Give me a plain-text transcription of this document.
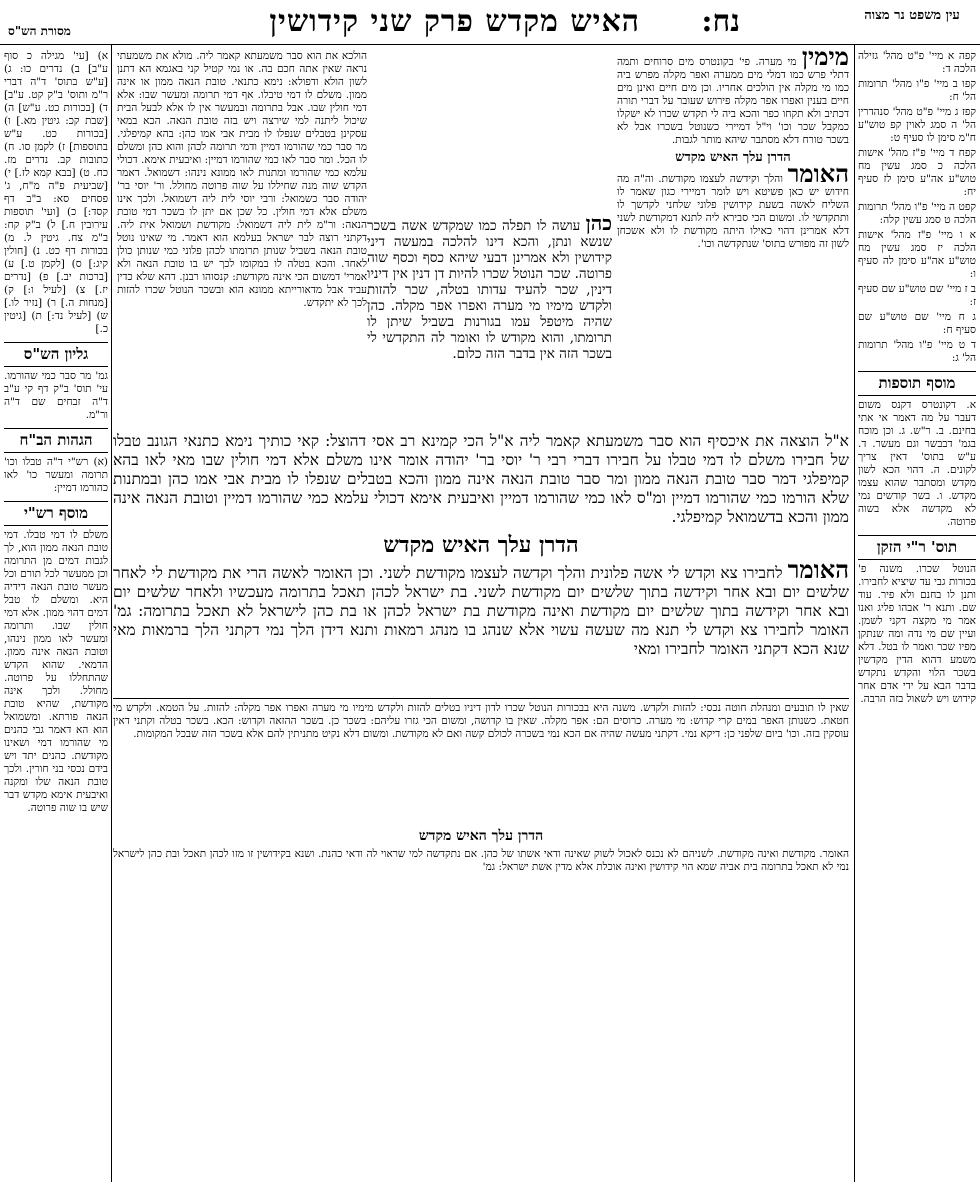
עין משפט נר מצוה
נח:
האיש מקדש פרק שני קידושין
מסורת הש"ס
קפה א מיי' פ"ט מהל' גזילה הלכה ד:
קפו ב מיי' פ"ו מהל' תרומות הל' ח:
קפז ג מיי' פ"ט מהל' סנהדרין הל' ה סמג לאוין קפ טוש"ע ח"מ סימן לו סעיף ט:
קפח ד מיי' פ"ז מהל' אישות הלכה כ סמג עשין מח טוש"ע אה"ע סימן לז סעיף יח:
קפט ה מיי' פ"ו מהל' תרומות הלכה ט סמג עשין קלה:
א ו מיי' פ"ז מהל' אישות הלכה יז סמג עשין מח טוש"ע אה"ע סימן לה סעיף ו:
ב ז מיי' שם טוש"ע שם סעיף ז:
ג ח מיי' שם טוש"ע שם סעיף ח:
ד ט מיי' פ"ו מהל' תרומות הל' ג:
מוסף תוספות
א. דקונטרס דקנס משום דעבר על מה דאמר אי אתי בחינם. ב. ר"ש. ג. וכן מוכח בגמ' דבבשר וגם מעשר. ד. ע"ש בתוס' דאין צריך לקונים. ה. דהוי הכא לשון מקדש ומסתבר שהוא עצמו מקדש. ו. בשר קודשים נמי לא מקדשה אלא בשוה פרוטה.
תוס' ר"י הזקן
הנוטל שכרו. משנה פ' בכורות גבי עד שיציא לחבירו. ותנן לו בחנם ולא פיר. עוד שם. ותנא ר' אבהו פליג ואנו אמר מי מקצה דקני לשמן. ועיין שם מי נדה ומה שנתקן מפיו שכר ואמר לו בטל. דלא משמע דהוא הדין מקדשין בשכר הלוי והקדש נתקדש בדבר הבא על ידי אדם אחר קידוש ויש לשאול בזה הרבה.
מימין מי מערה. פי' בקונטרס מים סרוחים ותמה דתלי פרש כמו דמלי מים ממערה ואפר מקלה מפרש ביה כמו מי מקלה אין הולכים אחריו. וכן מים חיים ואינן מים חיים בענין ואפרו אפר מקלה פירוש שעובר על דברי תורה דכתיב ולא תקחו כפר והכא ביה לי תקדש שכרו לא ישקלו כמקבל שכר וכו' וי"ל דמיירי כשנוטל בשכרו אבל לא בשכר טורח דלא מסתבר שיהא מותר לגבות.
הדרן עלך האיש מקדש
האומר והלך וקידשה לעצמו מקודשת. וה"ה מה חידוש יש כאן פשיטא ויש לומר דמיירי כגון שאמר לו השליח לאשה בשעת קידושין פלוני שלחני לקדשך לו ותתקדשי לו. ומשום הכי סבירא ליה לתנא דמקודשת לשני דלא אמרינן דהוי כאילו היתה מקודשת לו ולא אשכחן לשון זה מפורש בתוס' שנתקדשה וכו'.
הולכא את הוא סבר משמעתא קאמר ליה. מולא את משמעתי נראה שאין אתה חכם בה. או נמי קטיל קני באגמא הא דתנן לשון הולא ודפולא: נימא כתנאי. טובת הנאה ממון או אינה ממון. משלם לו דמי טיבלו. אף דמי תרומה ומעשר שבו: אלא דמי חולין שבו. אבל בתרומה ובמעשר אין לו אלא לבעל הבית שיכול ליתנה למי שירצה ויש בזה טובת הנאה. הכא במאי עסקינן בטבלים שנפלו לו מבית אבי אמו כהן: בהא קמיפלגי. מר סבר כמי שהורמו דמיין ודמי תרומה לכהן והוא כהן ומשלם לו הכל. ומר סבר לאו כמי שהורמו דמיין: ואיבעית אימא. דכולי עלמא כמי שהורמו ומתנות לאו ממונא נינהו: דשמואל. דאמר הקדש שוה מנה שחיללו על שוה פרוטה מחולל. ור' יוסי בר' יהודה סבר כשמואל: ורבי יוסי לית ליה דשמואל. ולכך אינו משלם אלא דמי חולין. כל שכן אם יתן לו בשכר דמי טובת הנאה: ור"מ לית ליה דשמואל: מקודשת ושמואל אית ליה. דקתני רוצה לבר ישראל בעלמא הוא דאמר. מי שאינו נוטל טובת הנאה בשביל שנותן תרומתו לכהן פלוני כמי שנותן כולן לאחד. והכא בטלה לו במקומו לכך יש בו טובת הנאה ולא אמרי' דמשום הכי אינה מקודשת: קנסוהו רבנן. דהא שלא כדין עביד אבל מדאורייתא ממונא הוא ובשכר הנוטל שכרו להזות לכך לא יתקדש.
כהן עושה לו תפלה כמו שמקדש אשה בשכר שנשא ונתן, והכא דינו להלכה במעשה דיני קידושין ולא אמרינן דבעי שיהא כסף וכסף שוה פרוטה. שכר הנוטל שכרו להיות דן דנין אין דיניו דינין, שכר להעיד עדותו בטלה, שכר להזות ולקדש מימיו מי מערה ואפרו אפר מקלה. כהן שהיה מיטפל עמו בגורנות בשביל שיתן לו תרומתו, והוא מקודש לו ואומר לה התקדשי לי בשכר הזה אין בדבר הזה כלום.
א"ל הוצאה את איכסיף הוא סבר משמעתא קאמר ליה א"ל הכי קמינא רב אסי דהוצל: קאי כותיך נימא כתנאי הגונב טבלו של חבירו משלם לו דמי טבלו על חבירו דברי רבי ר' יוסי בר' יהודה אומר אינו משלם אלא דמי חולין שבו מאי לאו בהא קמיפלגי דמר סבר טובת הנאה ממון ומר סבר טובת הנאה אינה ממון והכא בטבלים שנפלו לו מבית אבי אמו כהן ובמתנות שלא הורמו כמי שהורמו דמיין ומ"ס לאו כמי שהורמו דמיין ואיבעית אימא דכולי עלמא כמי שהורמו דמיין וטובת הנאה אינה ממון והכא בדשמואל קמיפלגי.
הדרן עלך האיש מקדש
האומר לחבירו צא וקדש לי אשה פלונית והלך וקדשה לעצמו מקודשת לשני. וכן האומר לאשה הרי את מקודשת לי לאחר שלשים יום ובא אחר וקידשה בתוך שלשים יום מקודשת לשני. בת ישראל לכהן תאכל בתרומה מעכשיו ולאחר שלשים יום ובא אחר וקידשה בתוך שלשים יום מקודשת ואינה מקודשת בת ישראל לכהן או בת כהן לישראל לא תאכל בתרומה: גמ' האומר לחבירו צא וקדש לי תנא מה שעשה עשוי אלא שנהג בו מנהג רמאות ותנא דידן הלך נמי דקתני הלך ברמאות מאי שנא הכא דקתני האומר לחבירו ומאי
שאין לו תובעים ומנהלת חוטה נכסי: להזות ולקדש. משנה היא בבכורות הנוטל שכרו לדון דיניו בטלים להזות ולקדש מימיו מי מערה ואפרו אפר מקלה: להזות. על הטמא. ולקדש מי חטאת. כשנותן האפר במים קרי קדוש: מי מערה. כרוסים הם: אפר מקלה. שאין בו קדושה, ומשום הכי גזרו עליהם: בשכר כן. בשכר ההזאה וקדוש: הכא. בשכר בטלה וקתני דאין עוסקין בזה. וכו' ביום שלפני כן: דיקא נמי. דקתני מעשה שהיה אם הכא נמי בשכרה לכולם קשה ואם לא מקודשת. ומשום דלא נקיט מתניתין להם אלא בשכר הזה שבכל המקומות.
הדרן עלך האיש מקדש
האומר. מקודשת ואינה מקודשת. לשניהם לא נכנס לאכול לשוק שאינה ודאי אשתו של כהן. אם נתקדשה למי שראוי לה ודאי כהנת. ושנא בקידושין זו מזו לכהן תאכל ובת כהן לישראל נמי לא תאכל בתרומה בית אביה שמא הוי קידושין ואינה אוכלת אלא מדין אשת ישראל: גמ'
א) [עי' מגילה כ סוף ע"ב] ב) נדרים כו: ג) [ע"ש בתוס' ד"ה דברי ר"מ ותוס' ב"ק קט. ע"ב] ד) [בכורות כט. ע"ש] ה) [שבת קכ: גיטין מא.] ו) [בכורות כט. ע"ש בתוספות] ז) לקמן סו. ח) כתובות קב. נדרים מז. כח. ט) [בבא קמא לז.] י) [שביעית פ"ה מ"ח, ג' פסחים סא: ב"ב דף קסד:] כ) [ועי' תוספות עירובין ח.] ל) ב"ק קח: ב"מ צח. גיטין ל. מ) בכורות דף כט. נ) [חולין קיג:] ס) [לקמן ט.] ע) [ברכות יב.] פ) [נדרים יז.] צ) [לעיל ו:] ק) [מנחות ה.] ר) [נזיר לו.] ש) [לעיל נד:] ת) [גיטין כ.]
גליון הש"ס
גמ' מר סבר כמי שהורמו. עי' תוס' ב"ק דף קי ע"ב ד"ה זבחים שם ד"ה ור"מ.
הגהות הב"ח
(א) רש"י ד"ה טבלו וכו' תרומה ומעשר כו' לאו כהורמו דמיין:
מוסף רש"י
משלם לו דמי טבלו. דמי טובת הנאה ממון הוא, לך לגבות דמים מן התרומה וכן ממעשר לכל תורם וכל מעשר טובת הנאה דידיה היא. ומשלם לו טבל דמים דהוי ממון. אלא דמי חולין שבו. ותרומה ומעשר לאו ממון נינהו, וטובת הנאה אינה ממון. הדמאי. שהוא הקדש שהתחללו על פרוטה. מחולל. ולכך אינה מקודשת, שהיא טובת הנאה פורתא. ומשמואל הוא הא דאמר גבי כהנים מי שהורמו דמי ושאינו מקודשת. כהנים יתד ויש בידם נכסי בני חורין. ולכך טובת הנאה שלו ומקנה ואיבעית אימא מקדש דבר שיש בו שוה פרוטה.
